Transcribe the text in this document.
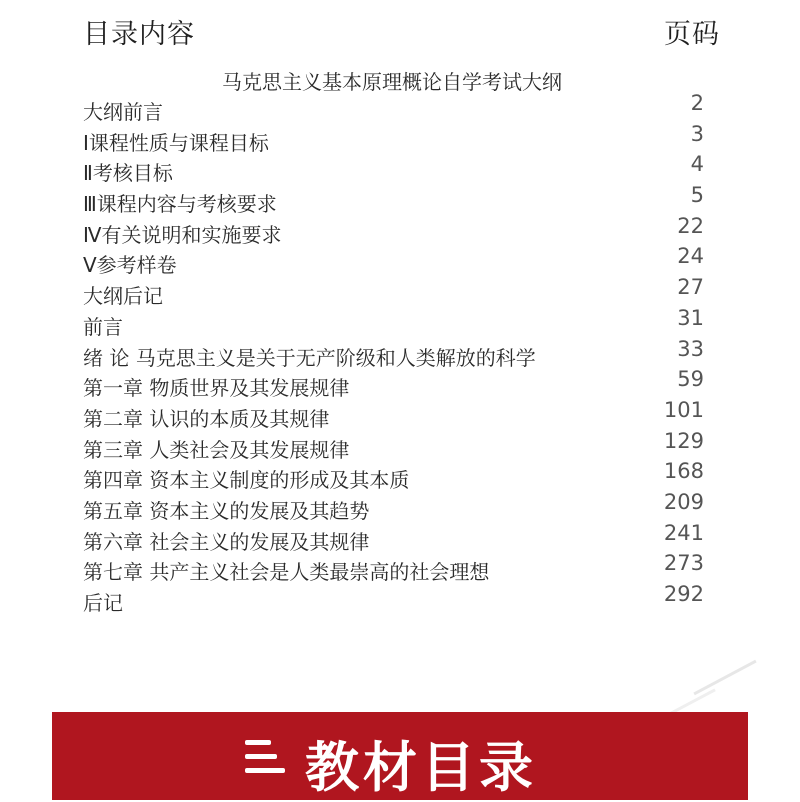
目录内容	页码
马克思主义基本原理概论自学考试大纲
大纲前言	2
Ⅰ课程性质与课程目标	3
Ⅱ考核目标	4
Ⅲ课程内容与考核要求	5
Ⅳ有关说明和实施要求	22
Ⅴ参考样卷	24
大纲后记	27
前言	31
绪 论 马克思主义是关于无产阶级和人类解放的科学	33
第一章 物质世界及其发展规律	59
第二章 认识的本质及其规律	101
第三章 人类社会及其发展规律	129
第四章 资本主义制度的形成及其本质	168
第五章 资本主义的发展及其趋势	209
第六章 社会主义的发展及其规律	241
第七章 共产主义社会是人类最崇高的社会理想	273
后记	292
教材目录
